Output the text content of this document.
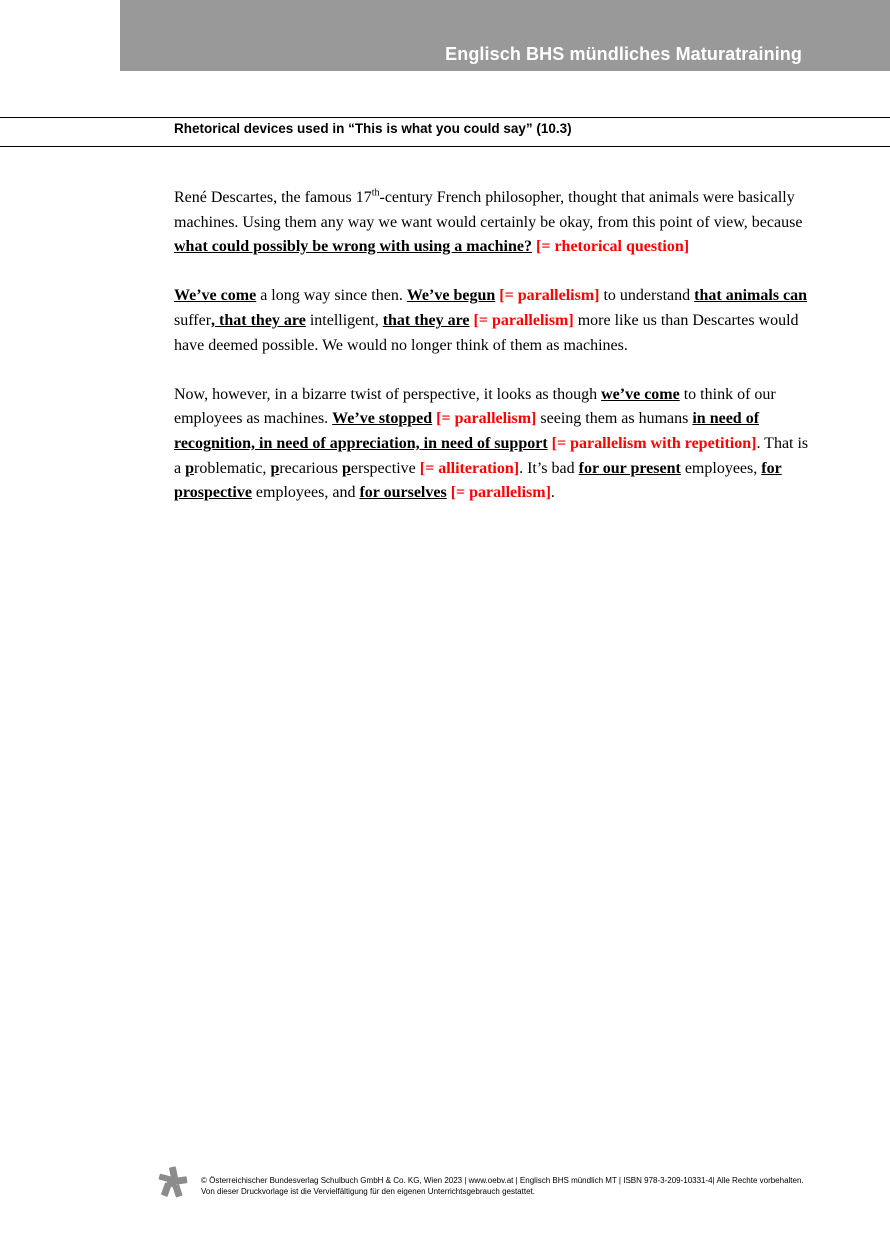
Englisch BHS mündliches Maturatraining
Rhetorical devices used in “This is what you could say” (10.3)

René Descartes, the famous 17th-century French philosopher, thought that animals were basically machines. Using them any way we want would certainly be okay, from this point of view, because what could possibly be wrong with using a machine? [= rhetorical question]

We’ve come a long way since then. We’ve begun [= parallelism] to understand that animals can suffer, that they are intelligent, that they are [= parallelism] more like us than Descartes would have deemed possible. We would no longer think of them as machines.

Now, however, in a bizarre twist of perspective, it looks as though we’ve come to think of our employees as machines. We’ve stopped [= parallelism] seeing them as humans in need of recognition, in need of appreciation, in need of support [= parallelism with repetition]. That is a problematic, precarious perspective [= alliteration]. It’s bad for our present employees, for prospective employees, and for ourselves [= parallelism].

© Österreichischer Bundesverlag Schulbuch GmbH & Co. KG, Wien 2023 | www.oebv.at | Englisch BHS mündlich MT | ISBN 978-3-209-10331-4| Alle Rechte vorbehalten.
Von dieser Druckvorlage ist die Vervielfältigung für den eigenen Unterrichtsgebrauch gestattet.
